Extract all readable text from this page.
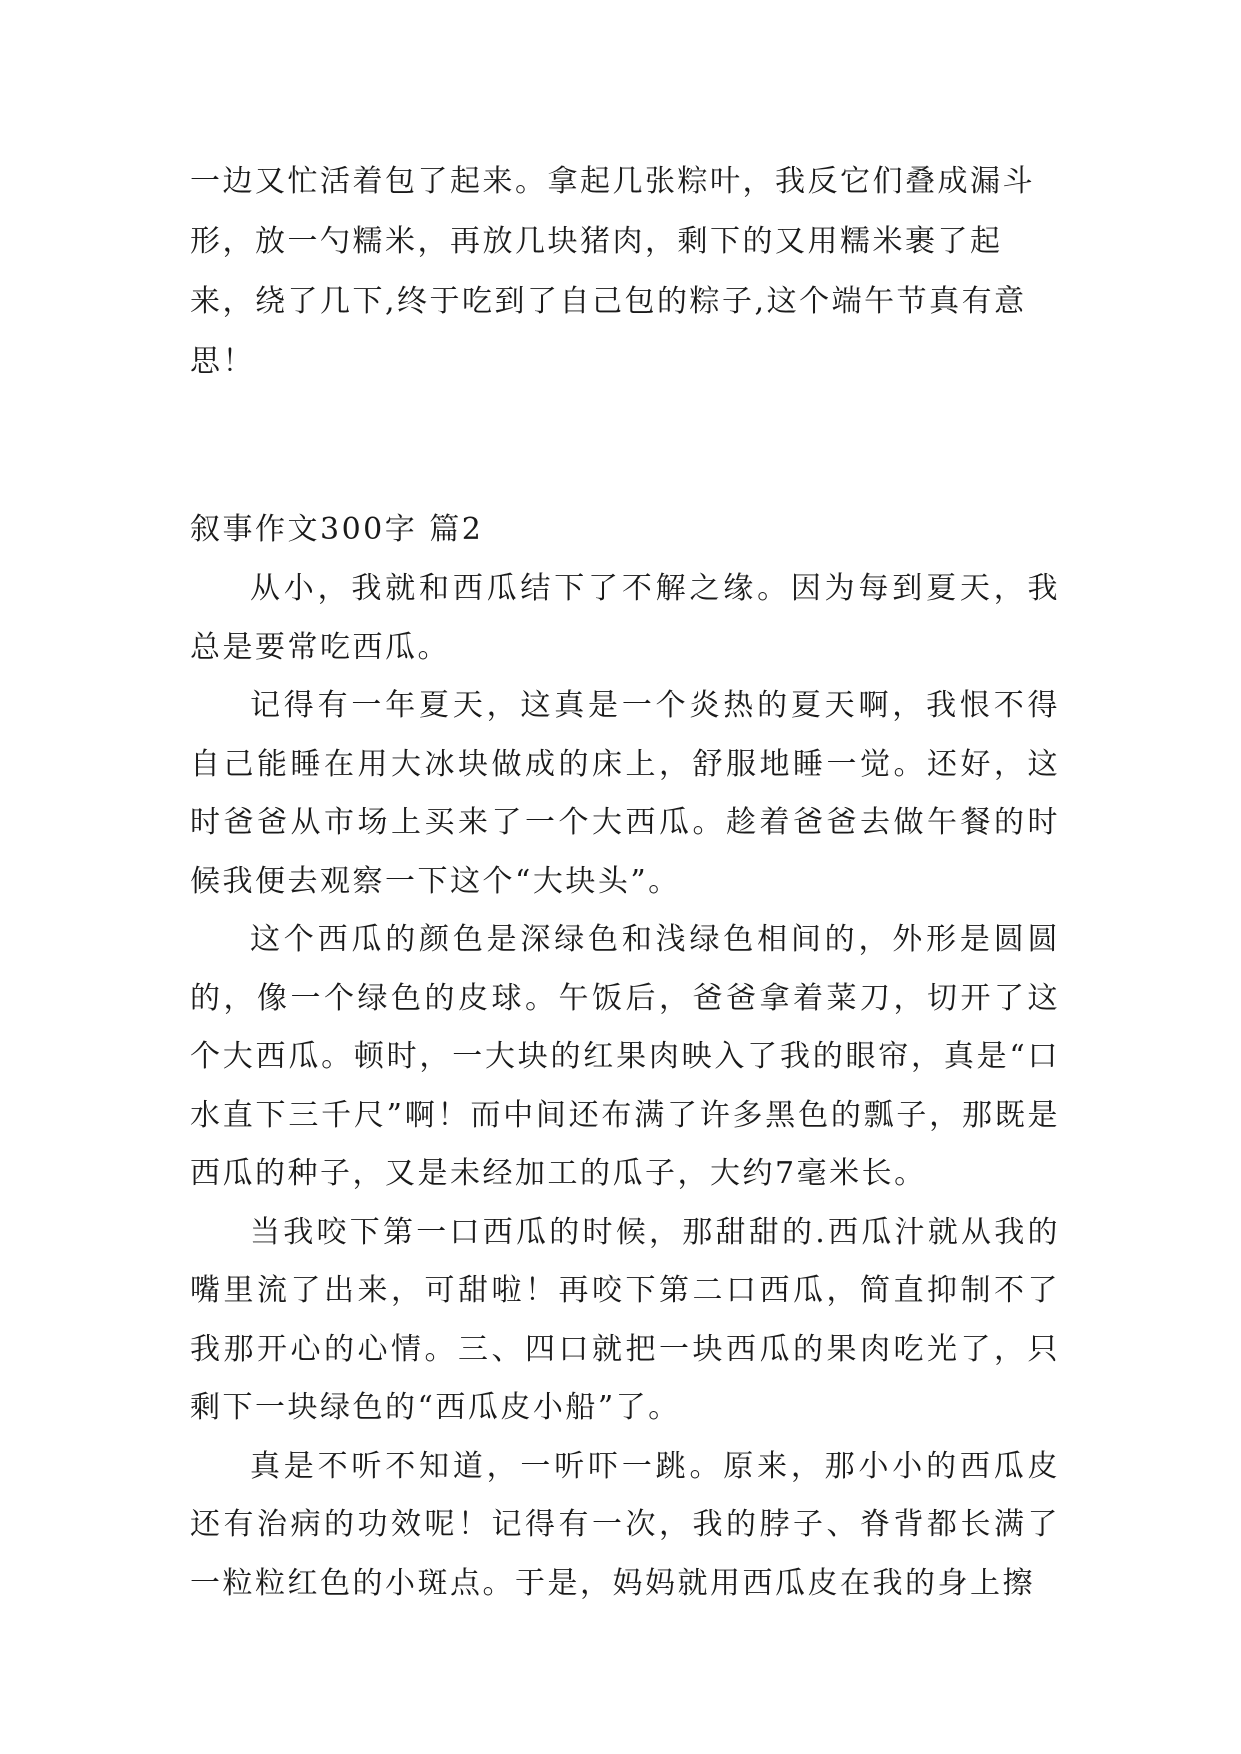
一边又忙活着包了起来。拿起几张粽叶，我反它们叠成漏斗形，放一勺糯米，再放几块猪肉，剩下的又用糯米裹了起来，绕了几下,终于吃到了自己包的粽子,这个端午节真有意思！

叙事作文300字 篇2

从小，我就和西瓜结下了不解之缘。因为每到夏天，我总是要常吃西瓜。

记得有一年夏天，这真是一个炎热的夏天啊，我恨不得自己能睡在用大冰块做成的床上，舒服地睡一觉。还好，这时爸爸从市场上买来了一个大西瓜。趁着爸爸去做午餐的时候我便去观察一下这个“大块头”。

这个西瓜的颜色是深绿色和浅绿色相间的，外形是圆圆的，像一个绿色的皮球。午饭后，爸爸拿着菜刀，切开了这个大西瓜。顿时，一大块的红果肉映入了我的眼帘，真是“口水直下三千尺”啊！而中间还布满了许多黑色的瓢子，那既是西瓜的种子，又是未经加工的瓜子，大约7毫米长。

当我咬下第一口西瓜的时候，那甜甜的.西瓜汁就从我的嘴里流了出来，可甜啦！再咬下第二口西瓜，简直抑制不了我那开心的心情。三、四口就把一块西瓜的果肉吃光了，只剩下一块绿色的“西瓜皮小船”了。

真是不听不知道，一听吓一跳。原来，那小小的西瓜皮还有治病的功效呢！记得有一次，我的脖子、脊背都长满了一粒粒红色的小斑点。于是，妈妈就用西瓜皮在我的身上擦
